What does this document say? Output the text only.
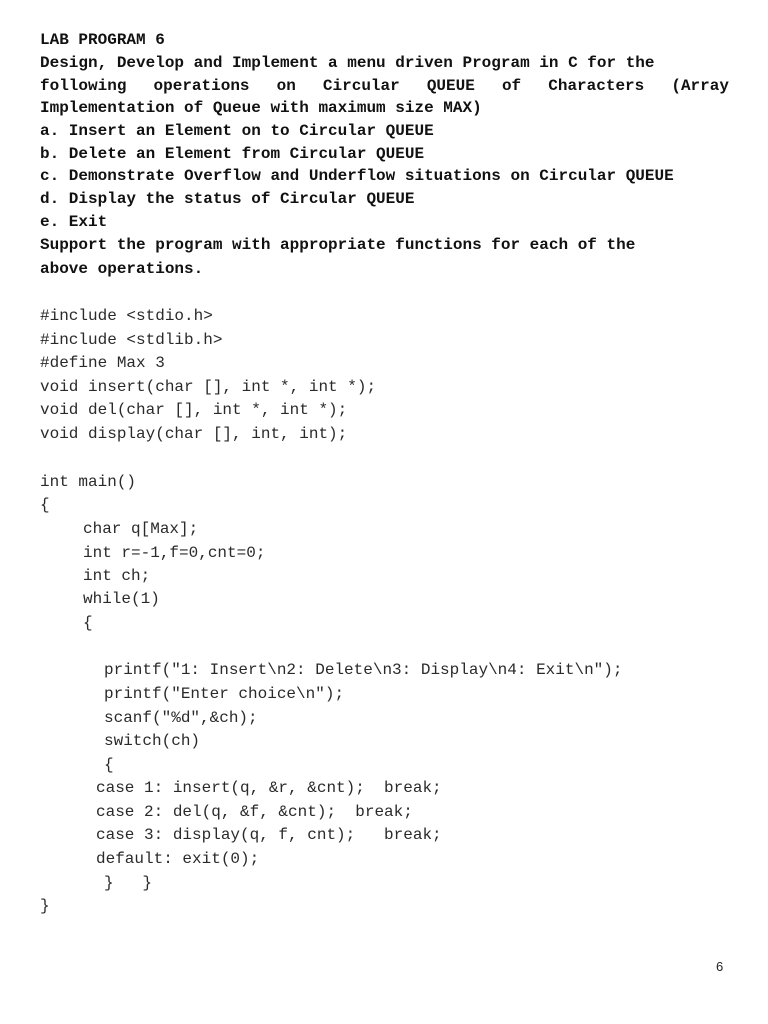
LAB PROGRAM 6
Design, Develop and Implement a menu driven Program in C for the
following operations on Circular QUEUE of Characters (Array
Implementation of Queue with maximum size MAX)
a. Insert an Element on to Circular QUEUE
b. Delete an Element from Circular QUEUE
c. Demonstrate Overflow and Underflow situations on Circular QUEUE
d. Display the status of Circular QUEUE
e. Exit
Support the program with appropriate functions for each of the
above operations.
#include <stdio.h>
#include <stdlib.h>
#define Max 3
void insert(char [], int *, int *);
void del(char [], int *, int *);
void display(char [], int, int);
int main()
{
char q[Max];
int r=-1,f=0,cnt=0;
int ch;
while(1)
{
printf("1: Insert\n2: Delete\n3: Display\n4: Exit\n");
printf("Enter choice\n");
scanf("%d",&ch);
switch(ch)
{
case 1: insert(q, &r, &cnt);  break;
case 2: del(q, &f, &cnt);  break;
case 3: display(q, f, cnt);   break;
default: exit(0);
}   }
}
6
